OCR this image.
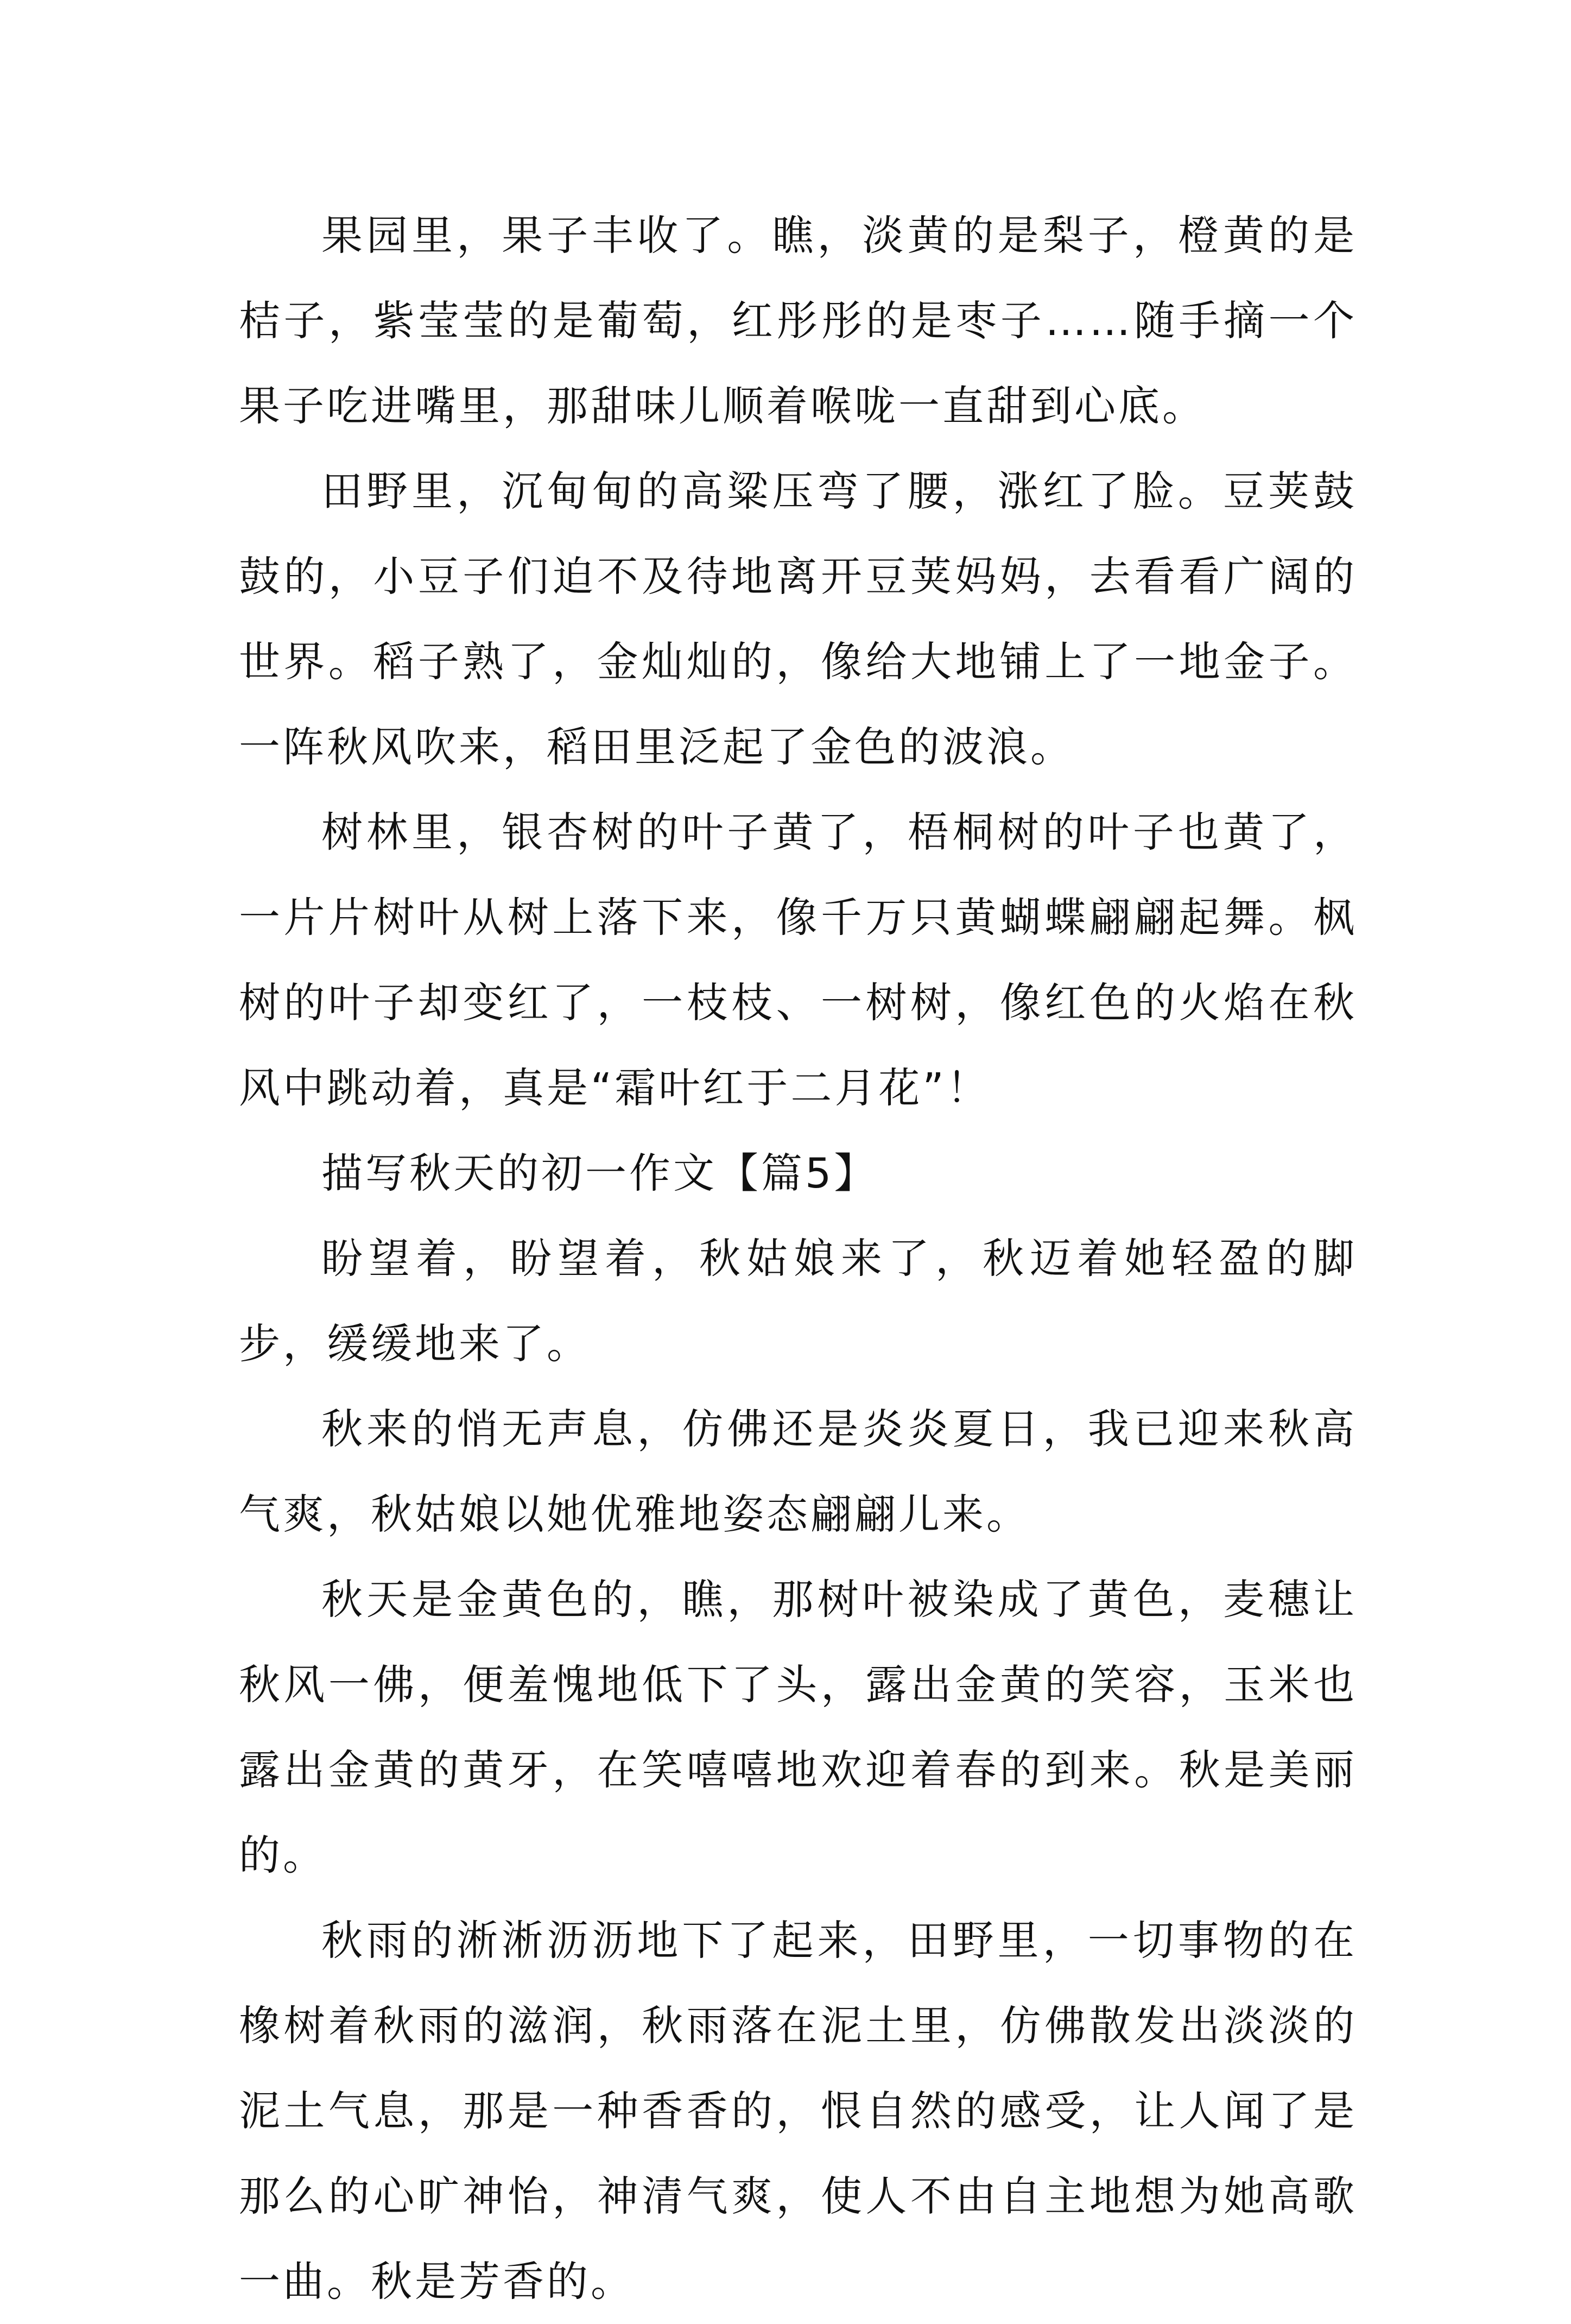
果园里，果子丰收了。瞧，淡黄的是梨子，橙黄的是桔子，紫莹莹的是葡萄，红彤彤的是枣子……随手摘一个果子吃进嘴里，那甜味儿顺着喉咙一直甜到心底。

田野里，沉甸甸的高粱压弯了腰，涨红了脸。豆荚鼓鼓的，小豆子们迫不及待地离开豆荚妈妈，去看看广阔的世界。稻子熟了，金灿灿的，像给大地铺上了一地金子。一阵秋风吹来，稻田里泛起了金色的波浪。

树林里，银杏树的叶子黄了，梧桐树的叶子也黄了，一片片树叶从树上落下来，像千万只黄蝴蝶翩翩起舞。枫树的叶子却变红了，一枝枝、一树树，像红色的火焰在秋风中跳动着，真是“霜叶红于二月花”！

描写秋天的初一作文【篇5】

盼望着，盼望着，秋姑娘来了，秋迈着她轻盈的脚步，缓缓地来了。

秋来的悄无声息，仿佛还是炎炎夏日，我已迎来秋高气爽，秋姑娘以她优雅地姿态翩翩儿来。

秋天是金黄色的，瞧，那树叶被染成了黄色，麦穗让秋风一佛，便羞愧地低下了头，露出金黄的笑容，玉米也露出金黄的黄牙，在笑嘻嘻地欢迎着春的到来。秋是美丽的。

秋雨的淅淅沥沥地下了起来，田野里，一切事物的在橡树着秋雨的滋润，秋雨落在泥土里，仿佛散发出淡淡的泥土气息，那是一种香香的，恨自然的感受，让人闻了是那么的心旷神怡，神清气爽，使人不由自主地想为她高歌一曲。秋是芳香的。
